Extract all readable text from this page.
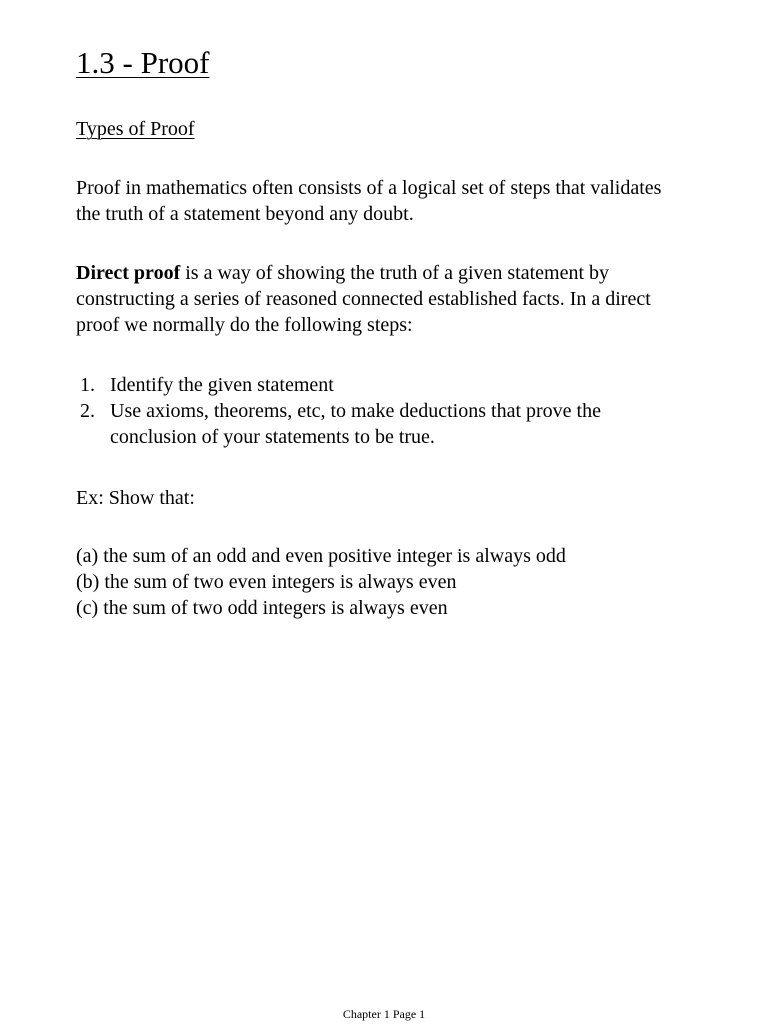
1.3 - Proof
Types of Proof

Proof in mathematics often consists of a logical set of steps that validates
the truth of a statement beyond any doubt.

Direct proof is a way of showing the truth of a given statement by
constructing a series of reasoned connected established facts. In a direct
proof we normally do the following steps:

1. Identify the given statement
2. Use axioms, theorems, etc, to make deductions that prove the
conclusion of your statements to be true.

Ex: Show that:

(a) the sum of an odd and even positive integer is always odd
(b) the sum of two even integers is always even
(c) the sum of two odd integers is always even

Chapter 1 Page 1
